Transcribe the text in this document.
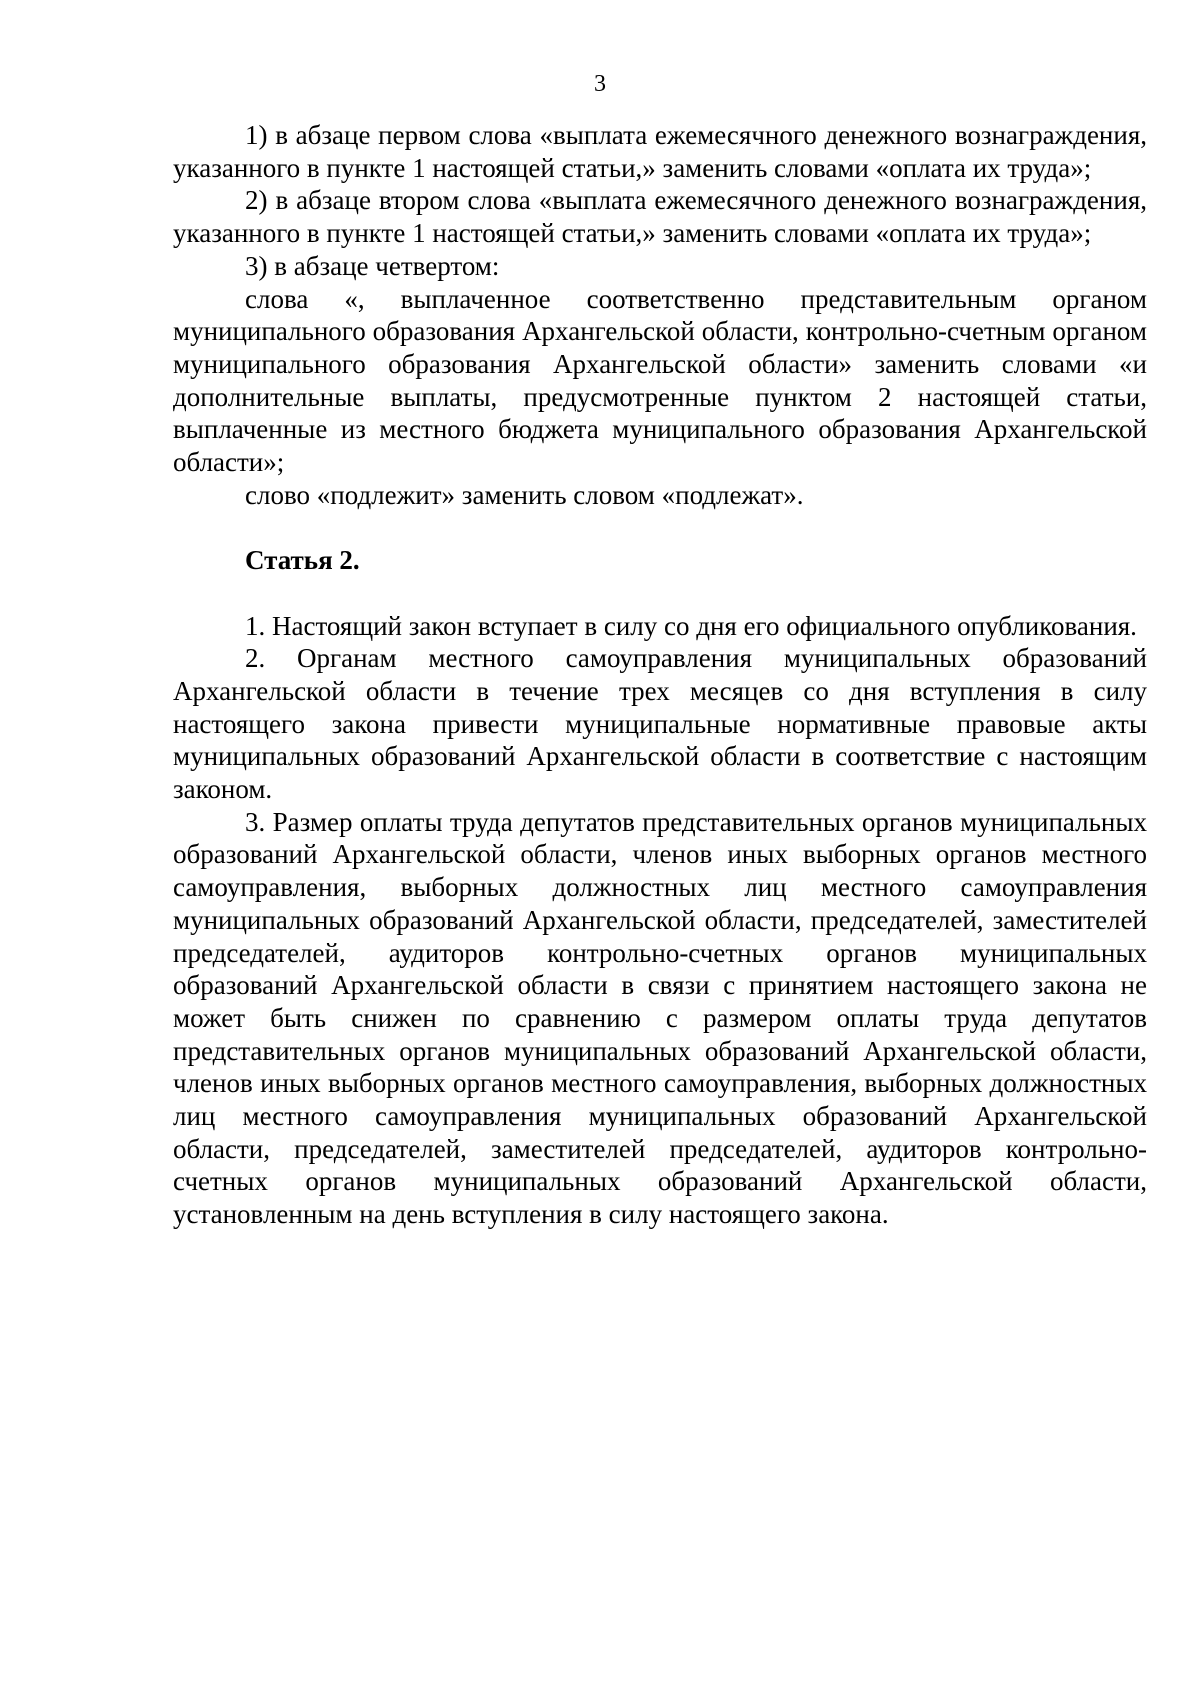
3

1) в абзаце первом слова «выплата ежемесячного денежного вознаграждения, указанного в пункте 1 настоящей статьи,» заменить словами «оплата их труда»;

2) в абзаце втором слова «выплата ежемесячного денежного вознаграждения, указанного в пункте 1 настоящей статьи,» заменить словами «оплата их труда»;

3) в абзаце четвертом:

слова «, выплаченное соответственно представительным органом муниципального образования Архангельской области, контрольно-счетным органом муниципального образования Архангельской области» заменить словами «и дополнительные выплаты, предусмотренные пунктом 2 настоящей статьи, выплаченные из местного бюджета муниципального образования Архангельской области»;

слово «подлежит» заменить словом «подлежат».

Статья 2.

1. Настоящий закон вступает в силу со дня его официального опубликования.

2. Органам местного самоуправления муниципальных образований Архангельской области в течение трех месяцев со дня вступления в силу настоящего закона привести муниципальные нормативные правовые акты муниципальных образований Архангельской области в соответствие с настоящим законом.

3. Размер оплаты труда депутатов представительных органов муниципальных образований Архангельской области, членов иных выборных органов местного самоуправления, выборных должностных лиц местного самоуправления муниципальных образований Архангельской области, председателей, заместителей председателей, аудиторов контрольно-счетных органов муниципальных образований Архангельской области в связи с принятием настоящего закона не может быть снижен по сравнению с размером оплаты труда депутатов представительных органов муниципальных образований Архангельской области, членов иных выборных органов местного самоуправления, выборных должностных лиц местного самоуправления муниципальных образований Архангельской области, председателей, заместителей председателей, аудиторов контрольно-счетных органов муниципальных образований Архангельской области, установленным на день вступления в силу настоящего закона.
